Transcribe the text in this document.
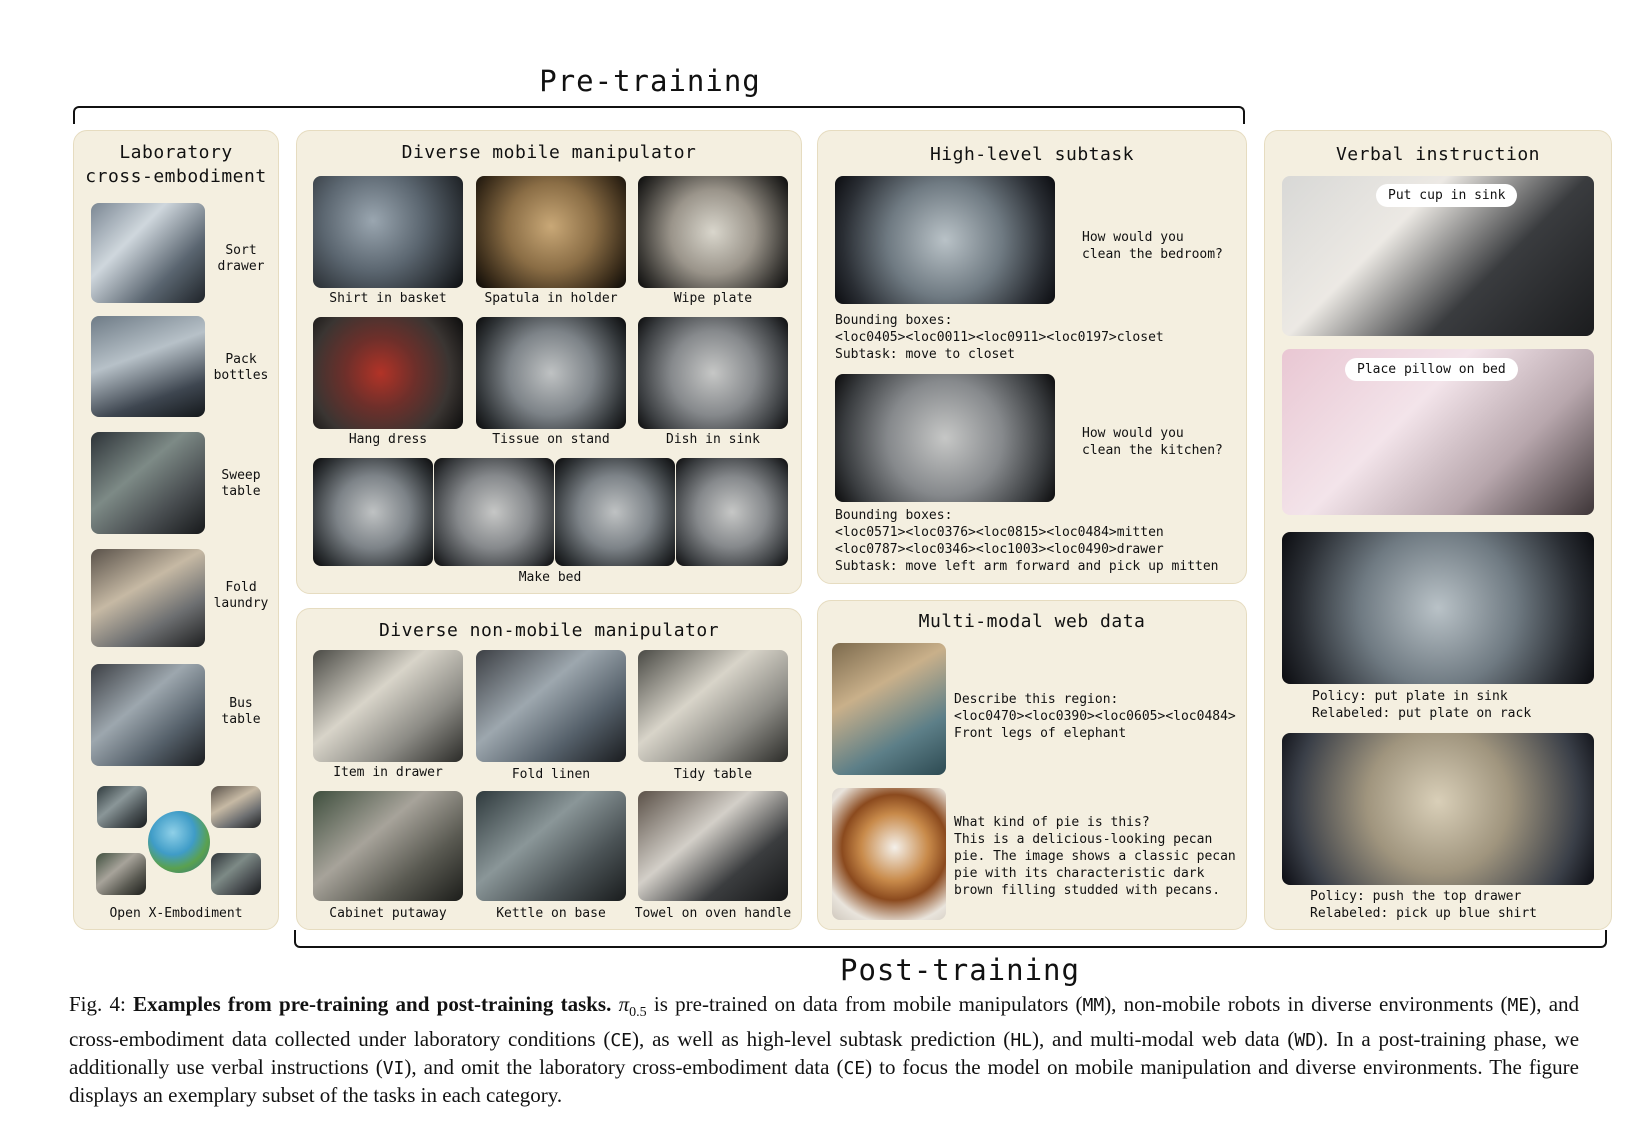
Pre-training
Post-training
Laboratory
cross-embodiment
Sort
drawer
Pack
bottles
Sweep
table
Fold
laundry
Bus
table
Open X-Embodiment
Diverse mobile manipulator
Shirt in basket	Spatula in holder	Wipe plate
Hang dress	Tissue on stand	Dish in sink
Make bed
Diverse non-mobile manipulator
Item in drawer	Fold linen	Tidy table
Cabinet putaway	Kettle on base	Towel on oven handle
High-level subtask
How would you
clean the bedroom?
Bounding boxes:
<loc0405><loc0011><loc0911><loc0197>closet
Subtask: move to closet
How would you
clean the kitchen?
Bounding boxes:
<loc0571><loc0376><loc0815><loc0484>mitten
<loc0787><loc0346><loc1003><loc0490>drawer
Subtask: move left arm forward and pick up mitten
Multi-modal web data
Describe this region:
<loc0470><loc0390><loc0605><loc0484>
Front legs of elephant
What kind of pie is this?
This is a delicious-looking pecan
pie. The image shows a classic pecan
pie with its characteristic dark
brown filling studded with pecans.
Verbal instruction
Put cup in sink
Place pillow on bed
Policy: put plate in sink
Relabeled: put plate on rack
Policy: push the top drawer
Relabeled: pick up blue shirt
Fig. 4: Examples from pre-training and post-training tasks. $\pi_{0.5}$ is pre-trained on data from mobile manipulators (MM), non-mobile robots in diverse environments (ME), and cross-embodiment data collected under laboratory conditions (CE), as well as high-level subtask prediction (HL), and multi-modal web data (WD). In a post-training phase, we additionally use verbal instructions (VI), and omit the laboratory cross-embodiment data (CE) to focus the model on mobile manipulation and diverse environments. The figure displays an exemplary subset of the tasks in each category.
